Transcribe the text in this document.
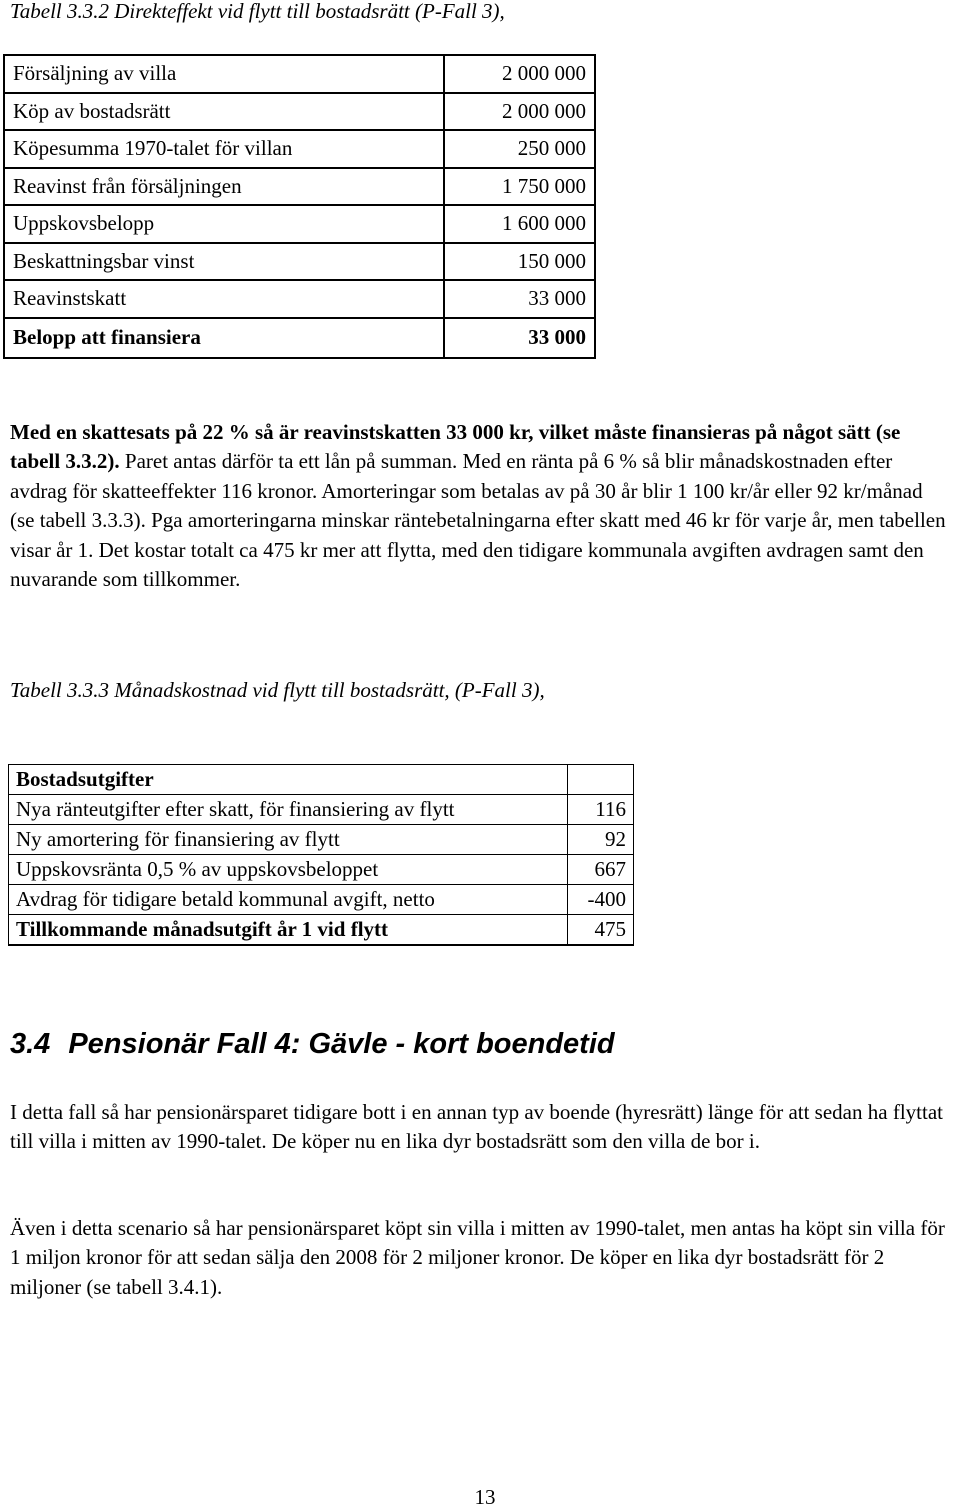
Tabell 3.3.2 Direkteffekt vid flytt till bostadsrätt (P-Fall 3),
Försäljning av villa	2 000 000
Köp av bostadsrätt	2 000 000
Köpesumma 1970-talet för villan	250 000
Reavinst från försäljningen	1 750 000
Uppskovsbelopp	1 600 000
Beskattningsbar vinst	150 000
Reavinstskatt	33 000
Belopp att finansiera	33 000

Med en skattesats på 22 % så är reavinstskatten 33 000 kr, vilket måste finansieras på något sätt (se tabell 3.3.2). Paret antas därför ta ett lån på summan. Med en ränta på 6 % så blir månadskostnaden efter avdrag för skatteeffekter 116 kronor. Amorteringar som betalas av på 30 år blir 1 100 kr/år eller 92 kr/månad (se tabell 3.3.3). Pga amorteringarna minskar räntebetalningarna efter skatt med 46 kr för varje år, men tabellen visar år 1. Det kostar totalt ca 475 kr mer att flytta, med den tidigare kommunala avgiften avdragen samt den nuvarande som tillkommer.

Tabell 3.3.3 Månadskostnad vid flytt till bostadsrätt, (P-Fall 3),
Bostadsutgifter	
Nya ränteutgifter efter skatt, för finansiering av flytt	116
Ny amortering för finansiering av flytt	92
Uppskovsränta 0,5 % av uppskovsbeloppet	667
Avdrag för tidigare betald kommunal avgift, netto	-400
Tillkommande månadsutgift år 1 vid flytt	475
3.4 Pensionär Fall 4: Gävle - kort boendetid

I detta fall så har pensionärsparet tidigare bott i en annan typ av boende (hyresrätt) länge för att sedan ha flyttat till villa i mitten av 1990-talet. De köper nu en lika dyr bostadsrätt som den villa de bor i.

Även i detta scenario så har pensionärsparet köpt sin villa i mitten av 1990-talet, men antas ha köpt sin villa för 1 miljon kronor för att sedan sälja den 2008 för 2 miljoner kronor. De köper en lika dyr bostadsrätt för 2 miljoner (se tabell 3.4.1).

13
